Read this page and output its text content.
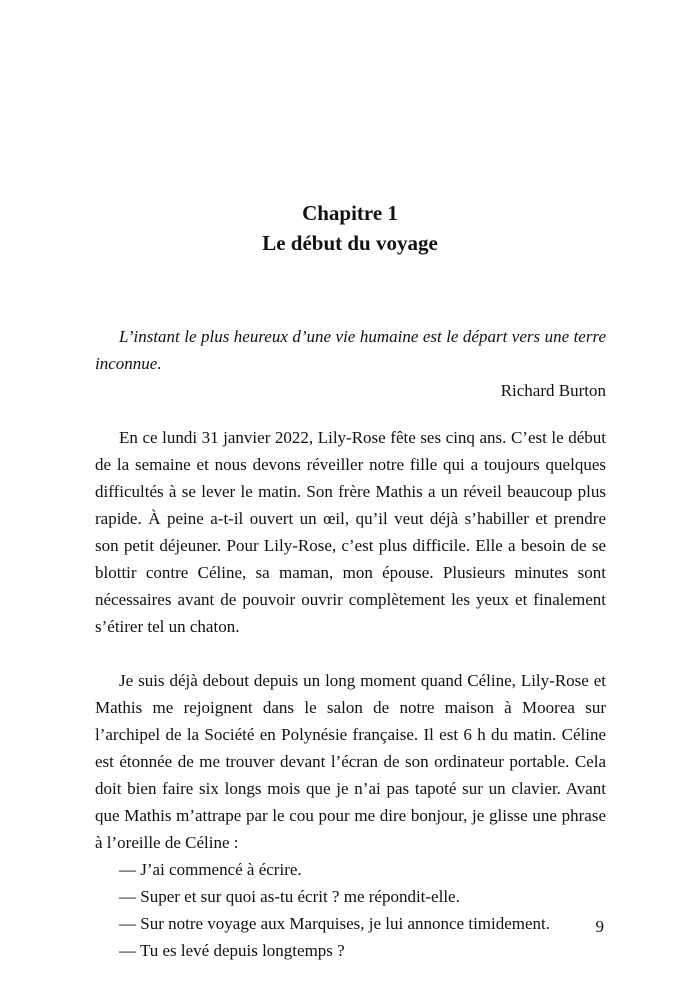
Chapitre 1
Le début du voyage

L’instant le plus heureux d’une vie humaine est le départ vers une terre inconnue.

Richard Burton

En ce lundi 31 janvier 2022, Lily-Rose fête ses cinq ans. C’est le début de la semaine et nous devons réveiller notre fille qui a toujours quelques difficultés à se lever le matin. Son frère Mathis a un réveil beaucoup plus rapide. À peine a-t-il ouvert un œil, qu’il veut déjà s’habiller et prendre son petit déjeuner. Pour Lily-Rose, c’est plus difficile. Elle a besoin de se blottir contre Céline, sa maman, mon épouse. Plusieurs minutes sont nécessaires avant de pouvoir ouvrir complètement les yeux et finalement s’étirer tel un chaton.

Je suis déjà debout depuis un long moment quand Céline, Lily-Rose et Mathis me rejoignent dans le salon de notre maison à Moorea sur l’archipel de la Société en Polynésie française. Il est 6 h du matin. Céline est étonnée de me trouver devant l’écran de son ordinateur portable. Cela doit bien faire six longs mois que je n’ai pas tapoté sur un clavier. Avant que Mathis m’attrape par le cou pour me dire bonjour, je glisse une phrase à l’oreille de Céline :

— J’ai commencé à écrire.

— Super et sur quoi as-tu écrit ? me répondit-elle.

— Sur notre voyage aux Marquises, je lui annonce timidement.

— Tu es levé depuis longtemps ?

9
